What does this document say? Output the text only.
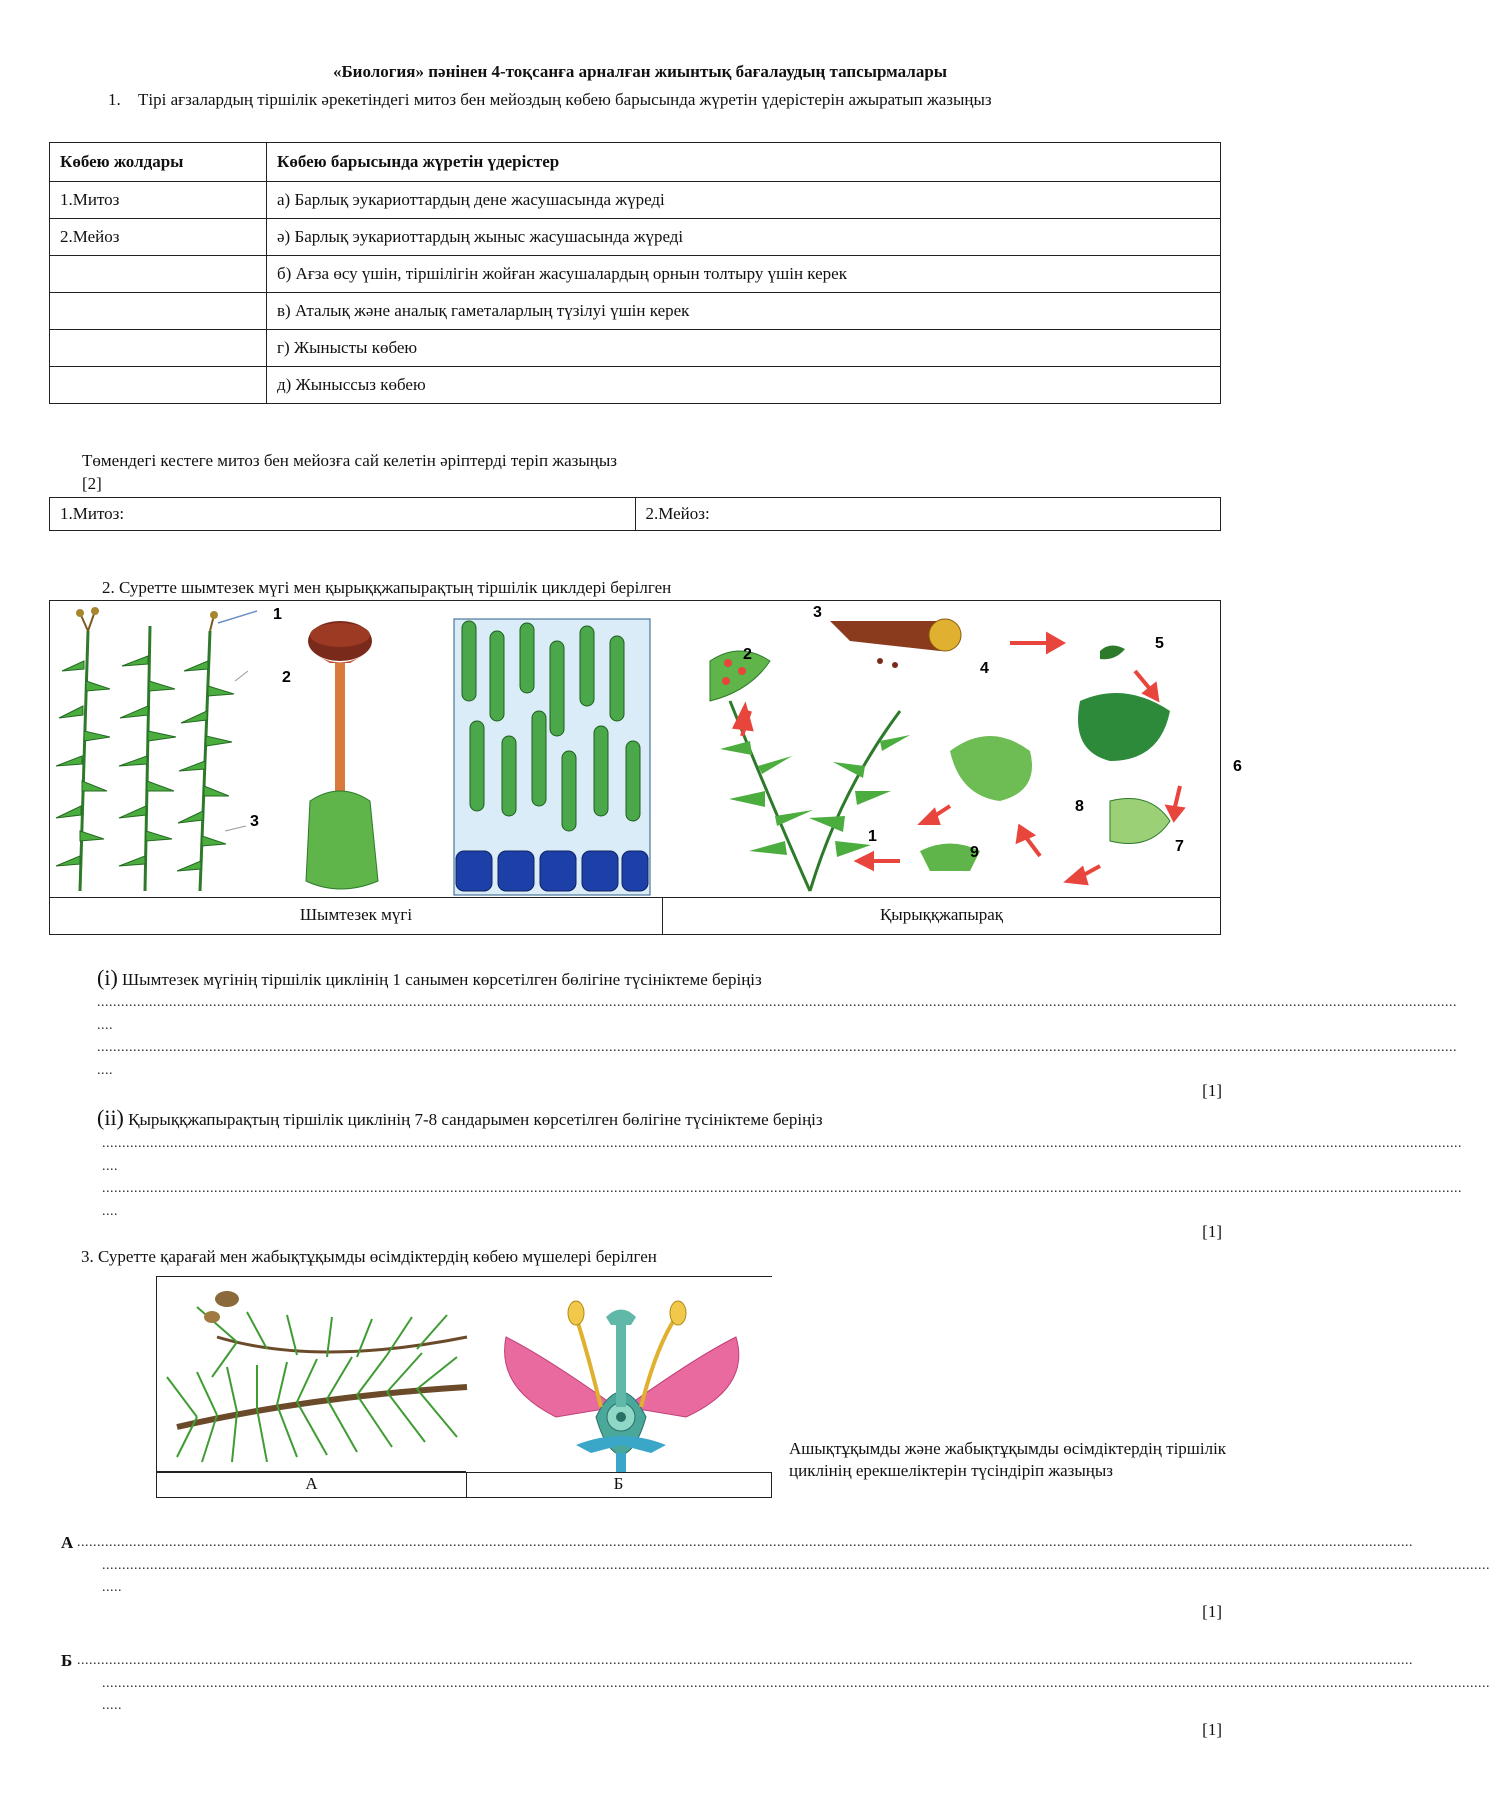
«Биология» пәнінен 4-тоқсанға арналған жиынтық бағалаудың тапсырмалары
1. Тірі ағзалардың тіршілік әрекетіндегі митоз бен мейоздың көбею барысында жүретін үдерістерін ажыратып жазыңыз
Көбею жолдары	Көбею барысында жүретін үдерістер
1.Митоз	а) Барлық эукариоттардың дене жасушасында жүреді
2.Мейоз	ә) Барлық эукариоттардың жыныс жасушасында жүреді
	б) Ағза өсу үшін, тіршілігін жойған жасушалардың орнын толтыру үшін керек
	в) Аталық және аналық гаметаларлың түзілуі үшін керек
	г) Жынысты көбею
	д) Жыныссыз көбею
Төмендегі кестеге митоз бен мейозға сай келетін әріптерді теріп жазыңыз
[2]
1.Митоз:	2.Мейоз:
2. Суретте шымтезек мүгі мен қырыққжапырақтың тіршілік циклдері берілген
1
2
3
3
2
4
5
6
8
7
9
1
Шымтезек мүгі	Қырыққжапырақ
(i) Шымтезек мүгінің тіршілік циклінің 1 санымен көрсетілген бөлігіне түсініктеме беріңіз
....................................................................................................................................................................................................................................................................................................................................................
....
....................................................................................................................................................................................................................................................................................................................................................
....
[1]
(ii) Қырыққжапырақтың тіршілік циклінің 7-8 сандарымен көрсетілген бөлігіне түсініктеме беріңіз
....................................................................................................................................................................................................................................................................................................................................................
....
....................................................................................................................................................................................................................................................................................................................................................
....
[1]
3. Суретте қарағай мен жабықтұқымды өсімдіктердің көбею мүшелері берілген
А	Б
Ашықтұқымды және жабықтұқымды өсімдіктердің тіршілік циклінің ерекшеліктерін түсіндіріп жазыңыз
А ..............................................................................................................................................................................................................................................................................................................................................
...........................................................................................................................................................................................................................................................................................................................................................
.....
[1]
Б ..............................................................................................................................................................................................................................................................................................................................................
...........................................................................................................................................................................................................................................................................................................................................................
.....
[1]
